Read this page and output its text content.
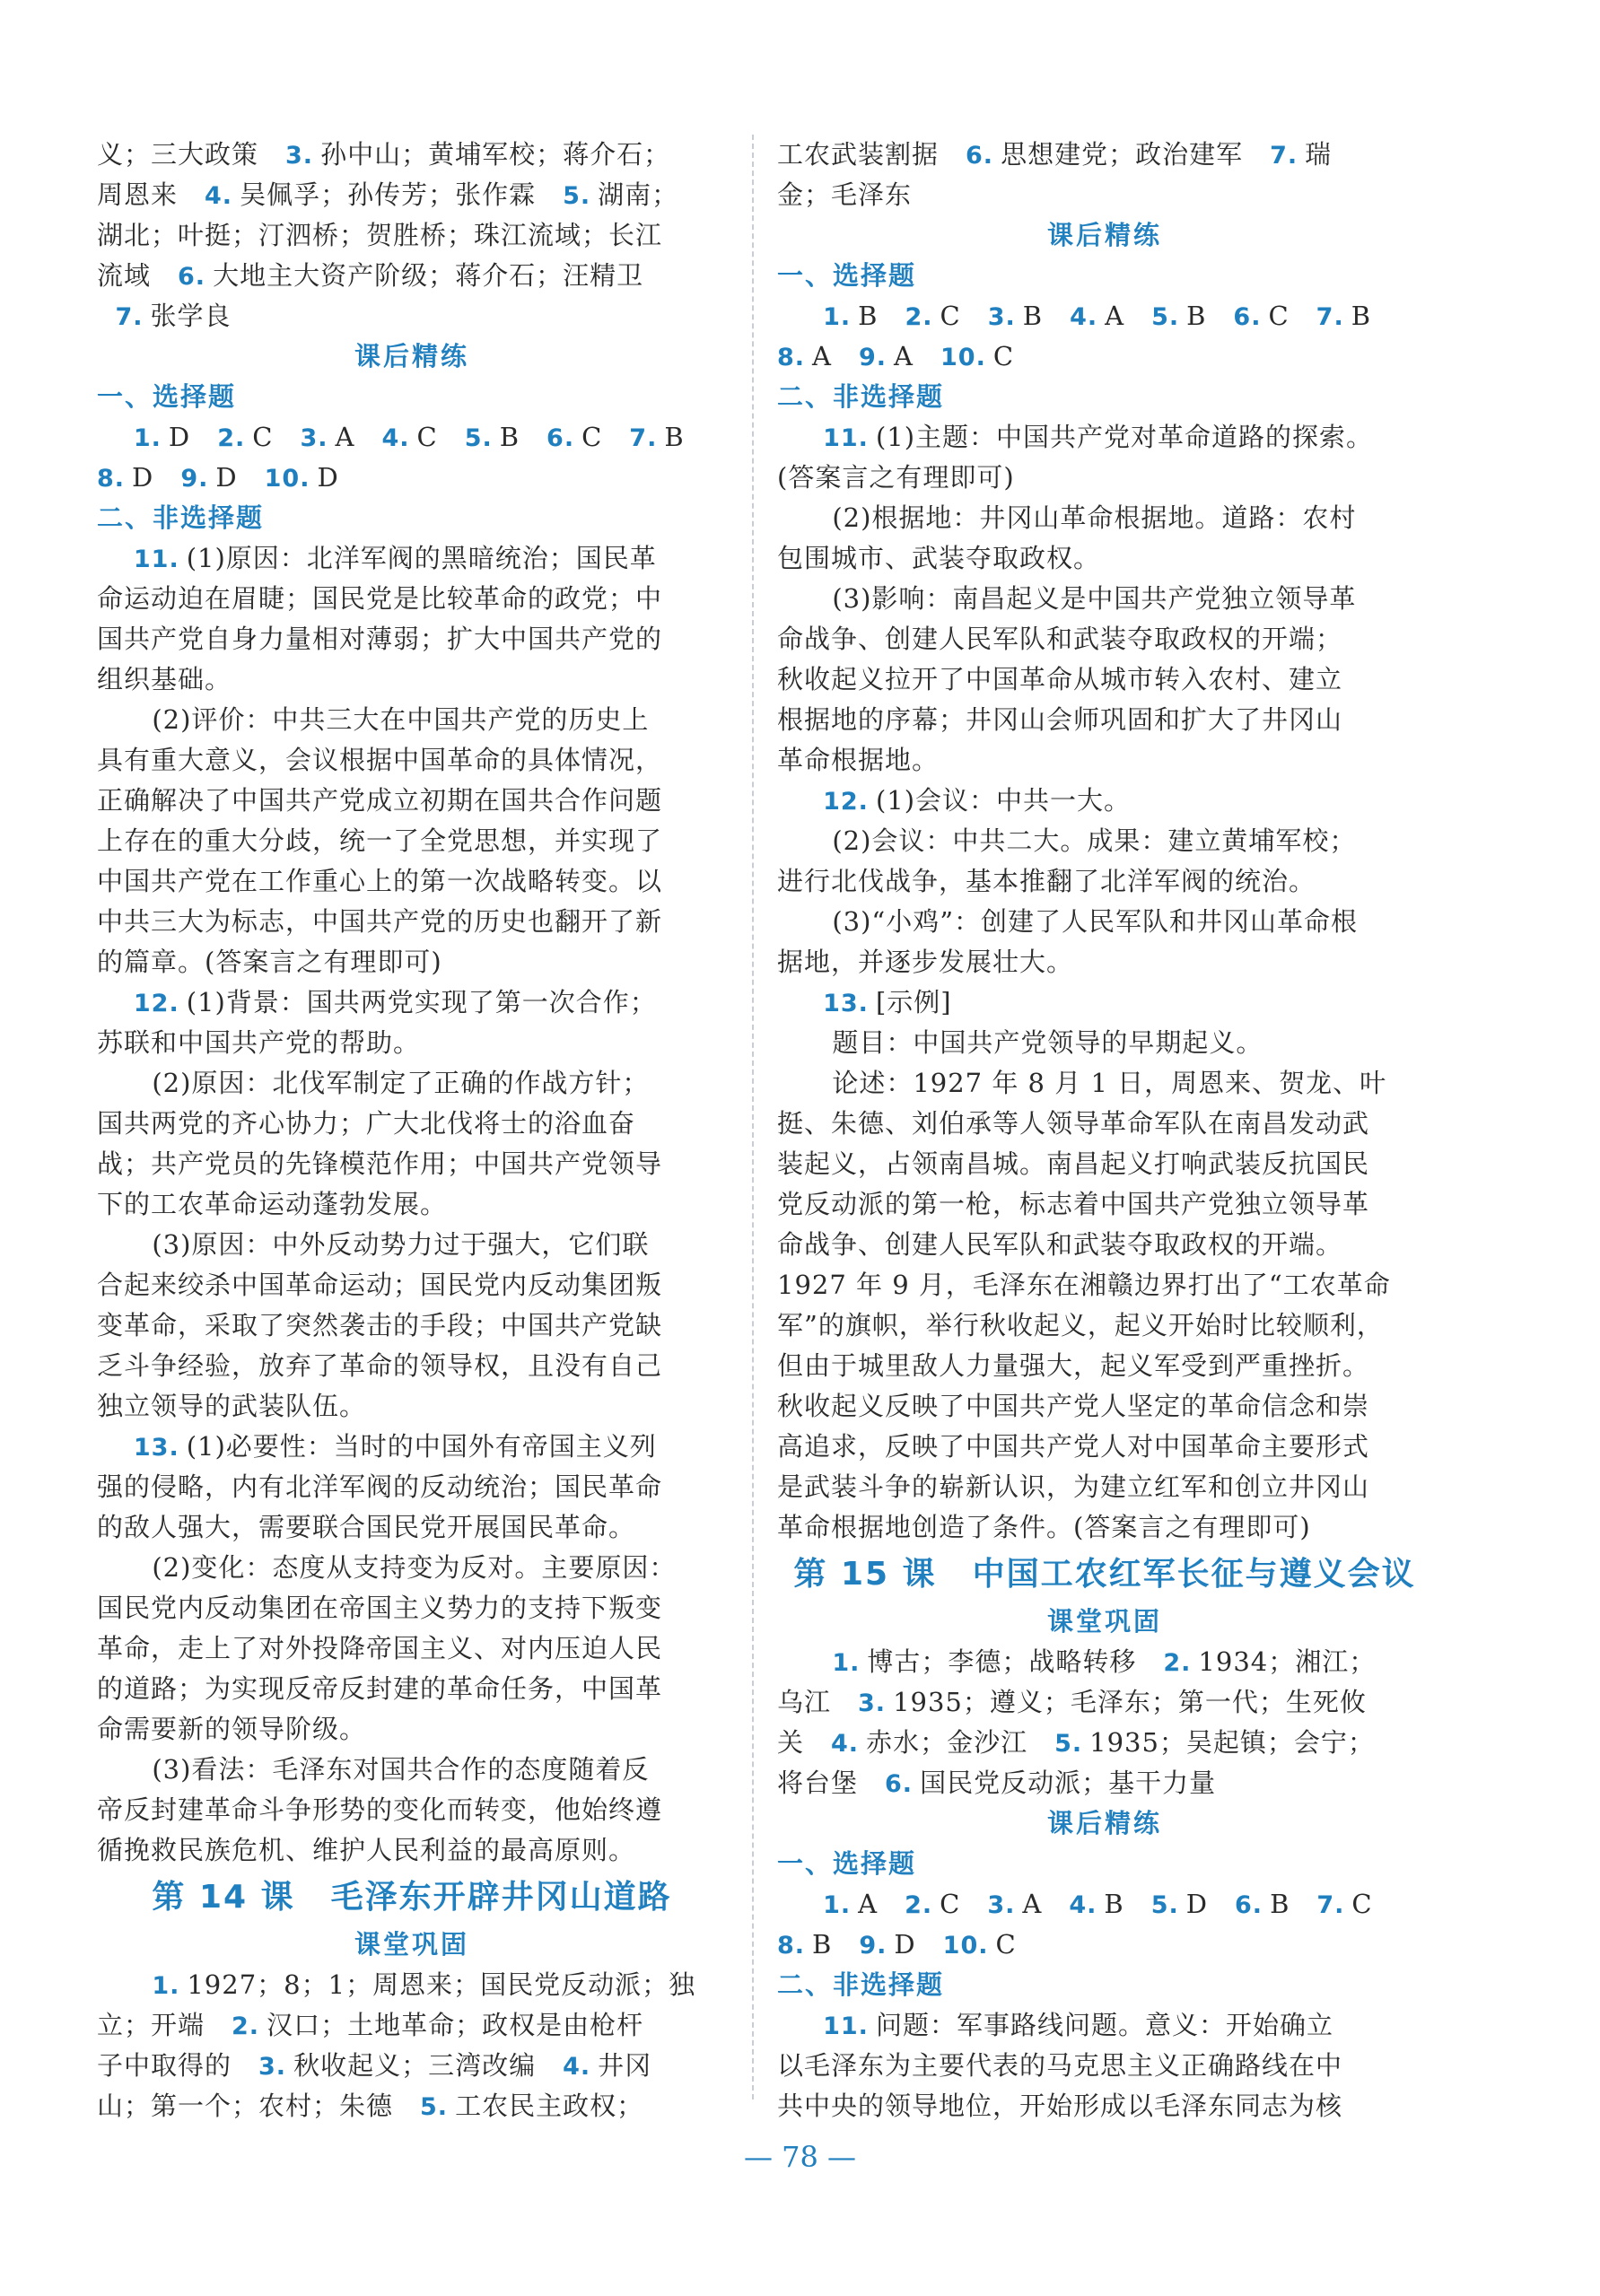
义；三大政策 3. 孙中山；黄埔军校；蒋介石；
周恩来 4. 吴佩孚；孙传芳；张作霖 5. 湖南；
湖北；叶挺；汀泗桥；贺胜桥；珠江流域；长江
流域 6. 大地主大资产阶级；蒋介石；汪精卫
7. 张学良
课后精练
一、选择题
1. D 2. C 3. A 4. C 5. B 6. C 7. B
8. D 9. D 10. D
二、非选择题
11. (1)原因：北洋军阀的黑暗统治；国民革
命运动迫在眉睫；国民党是比较革命的政党；中
国共产党自身力量相对薄弱；扩大中国共产党的
组织基础。
(2)评价：中共三大在中国共产党的历史上
具有重大意义，会议根据中国革命的具体情况，
正确解决了中国共产党成立初期在国共合作问题
上存在的重大分歧，统一了全党思想，并实现了
中国共产党在工作重心上的第一次战略转变。以
中共三大为标志，中国共产党的历史也翻开了新
的篇章。(答案言之有理即可)
12. (1)背景：国共两党实现了第一次合作；
苏联和中国共产党的帮助。
(2)原因：北伐军制定了正确的作战方针；
国共两党的齐心协力；广大北伐将士的浴血奋
战；共产党员的先锋模范作用；中国共产党领导
下的工农革命运动蓬勃发展。
(3)原因：中外反动势力过于强大，它们联
合起来绞杀中国革命运动；国民党内反动集团叛
变革命，采取了突然袭击的手段；中国共产党缺
乏斗争经验，放弃了革命的领导权，且没有自己
独立领导的武装队伍。
13. (1)必要性：当时的中国外有帝国主义列
强的侵略，内有北洋军阀的反动统治；国民革命
的敌人强大，需要联合国民党开展国民革命。
(2)变化：态度从支持变为反对。主要原因：
国民党内反动集团在帝国主义势力的支持下叛变
革命，走上了对外投降帝国主义、对内压迫人民
的道路；为实现反帝反封建的革命任务，中国革
命需要新的领导阶级。
(3)看法：毛泽东对国共合作的态度随着反
帝反封建革命斗争形势的变化而转变，他始终遵
循挽救民族危机、维护人民利益的最高原则。
第 14 课 毛泽东开辟井冈山道路
课堂巩固
1. 1927；8；1；周恩来；国民党反动派；独
立；开端 2. 汉口；土地革命；政权是由枪杆
子中取得的 3. 秋收起义；三湾改编 4. 井冈
山；第一个；农村；朱德 5. 工农民主政权；
工农武装割据 6. 思想建党；政治建军 7. 瑞
金；毛泽东
课后精练
一、选择题
1. B 2. C 3. B 4. A 5. B 6. C 7. B
8. A 9. A 10. C
二、非选择题
11. (1)主题：中国共产党对革命道路的探索。
(答案言之有理即可)
(2)根据地：井冈山革命根据地。道路：农村
包围城市、武装夺取政权。
(3)影响：南昌起义是中国共产党独立领导革
命战争、创建人民军队和武装夺取政权的开端；
秋收起义拉开了中国革命从城市转入农村、建立
根据地的序幕；井冈山会师巩固和扩大了井冈山
革命根据地。
12. (1)会议：中共一大。
(2)会议：中共二大。成果：建立黄埔军校；
进行北伐战争，基本推翻了北洋军阀的统治。
(3)“小鸡”：创建了人民军队和井冈山革命根
据地，并逐步发展壮大。
13. [示例]
题目：中国共产党领导的早期起义。
论述：1927 年 8 月 1 日，周恩来、贺龙、叶
挺、朱德、刘伯承等人领导革命军队在南昌发动武
装起义，占领南昌城。南昌起义打响武装反抗国民
党反动派的第一枪，标志着中国共产党独立领导革
命战争、创建人民军队和武装夺取政权的开端。
1927 年 9 月，毛泽东在湘赣边界打出了“工农革命
军”的旗帜，举行秋收起义，起义开始时比较顺利，
但由于城里敌人力量强大，起义军受到严重挫折。
秋收起义反映了中国共产党人坚定的革命信念和崇
高追求，反映了中国共产党人对中国革命主要形式
是武装斗争的崭新认识，为建立红军和创立井冈山
革命根据地创造了条件。(答案言之有理即可)
第 15 课 中国工农红军长征与遵义会议
课堂巩固
1. 博古；李德；战略转移 2. 1934；湘江；
乌江 3. 1935；遵义；毛泽东；第一代；生死攸
关 4. 赤水；金沙江 5. 1935；吴起镇；会宁；
将台堡 6. 国民党反动派；基干力量
课后精练
一、选择题
1. A 2. C 3. A 4. B 5. D 6. B 7. C
8. B 9. D 10. C
二、非选择题
11. 问题：军事路线问题。意义：开始确立
以毛泽东为主要代表的马克思主义正确路线在中
共中央的领导地位，开始形成以毛泽东同志为核
— 78 —
